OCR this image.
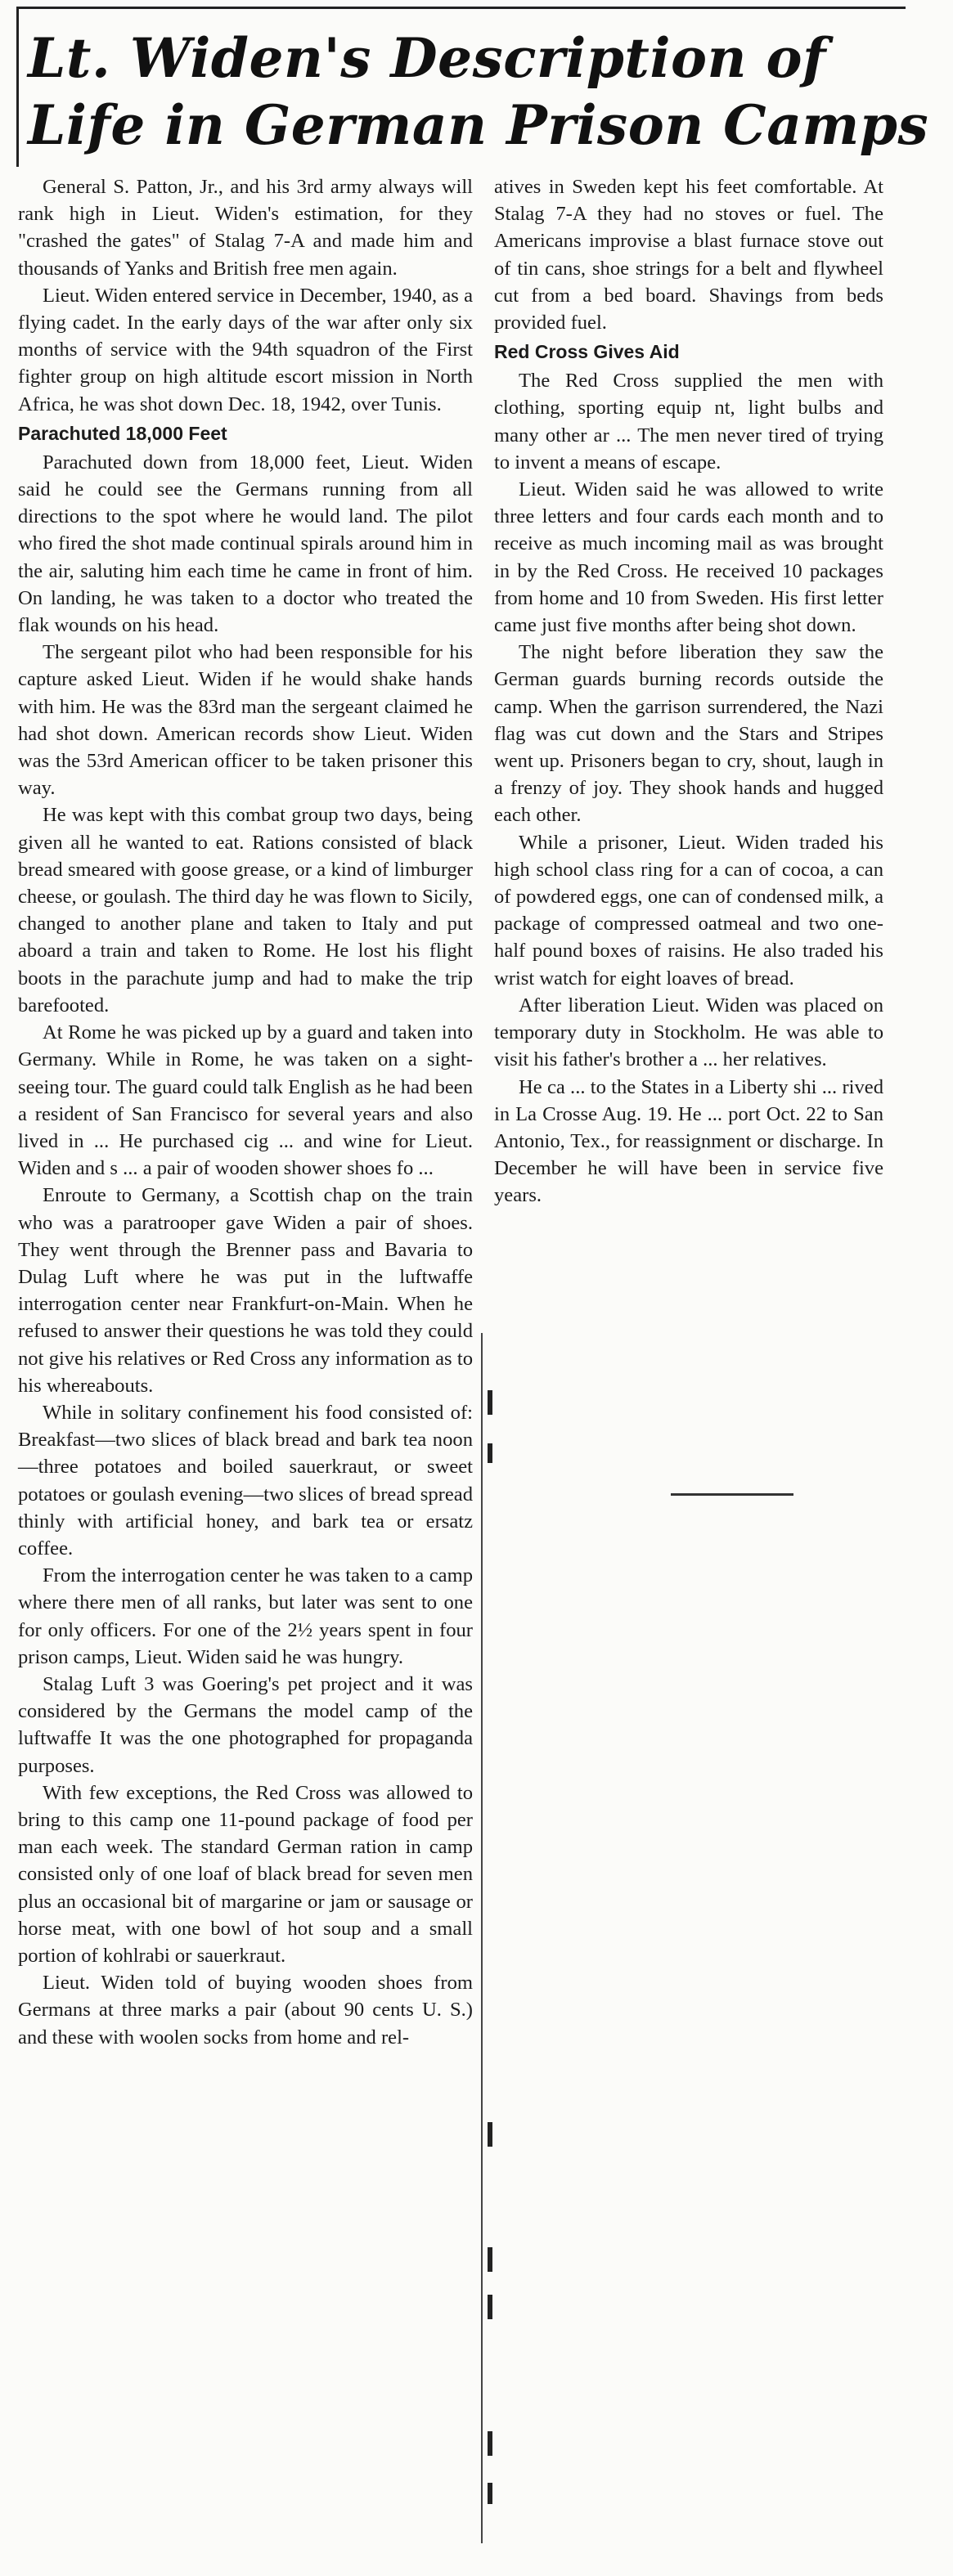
Lt. Widen's Description of
Life in German Prison Camps

General S. Patton, Jr., and his 3rd army always will rank high in Lieut. Widen's estimation, for they "crashed the gates" of Stalag 7-A and made him and thousands of Yanks and British free men again.

Lieut. Widen entered service in December, 1940, as a flying cadet. In the early days of the war after only six months of service with the 94th squadron of the First fighter group on high altitude escort mission in North Africa, he was shot down Dec. 18, 1942, over Tunis.

Parachuted 18,000 Feet

Parachuted down from 18,000 feet, Lieut. Widen said he could see the Germans running from all directions to the spot where he would land. The pilot who fired the shot made continual spirals around him in the air, saluting him each time he came in front of him. On landing, he was taken to a doctor who treated the flak wounds on his head.

The sergeant pilot who had been responsible for his capture asked Lieut. Widen if he would shake hands with him. He was the 83rd man the sergeant claimed he had shot down. American records show Lieut. Widen was the 53rd American officer to be taken prisoner this way.

He was kept with this combat group two days, being given all he wanted to eat. Rations consisted of black bread smeared with goose grease, or a kind of limburger cheese, or goulash. The third day he was flown to Sicily, changed to another plane and taken to Italy and put aboard a train and taken to Rome. He lost his flight boots in the parachute jump and had to make the trip barefooted.

At Rome he was picked up by a guard and taken into Germany. While in Rome, he was taken on a sight-seeing tour. The guard could talk English as he had been a resident of San Francisco for several years and also lived in ... He purchased cig ... and wine for Lieut. Widen and s ... a pair of wooden shower shoes fo ...

Enroute to Germany, a Scottish chap on the train who was a paratrooper gave Widen a pair of shoes. They went through the Brenner pass and Bavaria to Dulag Luft where he was put in the luftwaffe interrogation center near Frankfurt-on-Main. When he refused to answer their questions he was told they could not give his relatives or Red Cross any information as to his whereabouts.

While in solitary confinement his food consisted of: Breakfast—two slices of black bread and bark tea noon—three potatoes and boiled sauerkraut, or sweet potatoes or goulash evening—two slices of bread spread thinly with artificial honey, and bark tea or ersatz coffee.

From the interrogation center he was taken to a camp where there men of all ranks, but later was sent to one for only officers. For one of the 2½ years spent in four prison camps, Lieut. Widen said he was hungry.

Stalag Luft 3 was Goering's pet project and it was considered by the Germans the model camp of the luftwaffe It was the one photographed for propaganda purposes.

With few exceptions, the Red Cross was allowed to bring to this camp one 11-pound package of food per man each week. The standard German ration in camp consisted only of one loaf of black bread for seven men plus an occasional bit of margarine or jam or sausage or horse meat, with one bowl of hot soup and a small portion of kohlrabi or sauerkraut.

Lieut. Widen told of buying wooden shoes from Germans at three marks a pair (about 90 cents U. S.) and these with woolen socks from home and rel-

atives in Sweden kept his feet comfortable. At Stalag 7-A they had no stoves or fuel. The Americans improvise a blast furnace stove out of tin cans, shoe strings for a belt and flywheel cut from a bed board. Shavings from beds provided fuel.

Red Cross Gives Aid

The Red Cross supplied the men with clothing, sporting equip nt, light bulbs and many other ar ... The men never tired of trying to invent a means of escape.

Lieut. Widen said he was allowed to write three letters and four cards each month and to receive as much incoming mail as was brought in by the Red Cross. He received 10 packages from home and 10 from Sweden. His first letter came just five months after being shot down.

The night before liberation they saw the German guards burning records outside the camp. When the garrison surrendered, the Nazi flag was cut down and the Stars and Stripes went up. Prisoners began to cry, shout, laugh in a frenzy of joy. They shook hands and hugged each other.

While a prisoner, Lieut. Widen traded his high school class ring for a can of cocoa, a can of powdered eggs, one can of condensed milk, a package of compressed oatmeal and two one-half pound boxes of raisins. He also traded his wrist watch for eight loaves of bread.

After liberation Lieut. Widen was placed on temporary duty in Stockholm. He was able to visit his father's brother a ... her relatives.

He ca ... to the States in a Liberty shi ... rived in La Crosse Aug. 19. He ... port Oct. 22 to San Antonio, Tex., for reassignment or discharge. In December he will have been in service five years.
